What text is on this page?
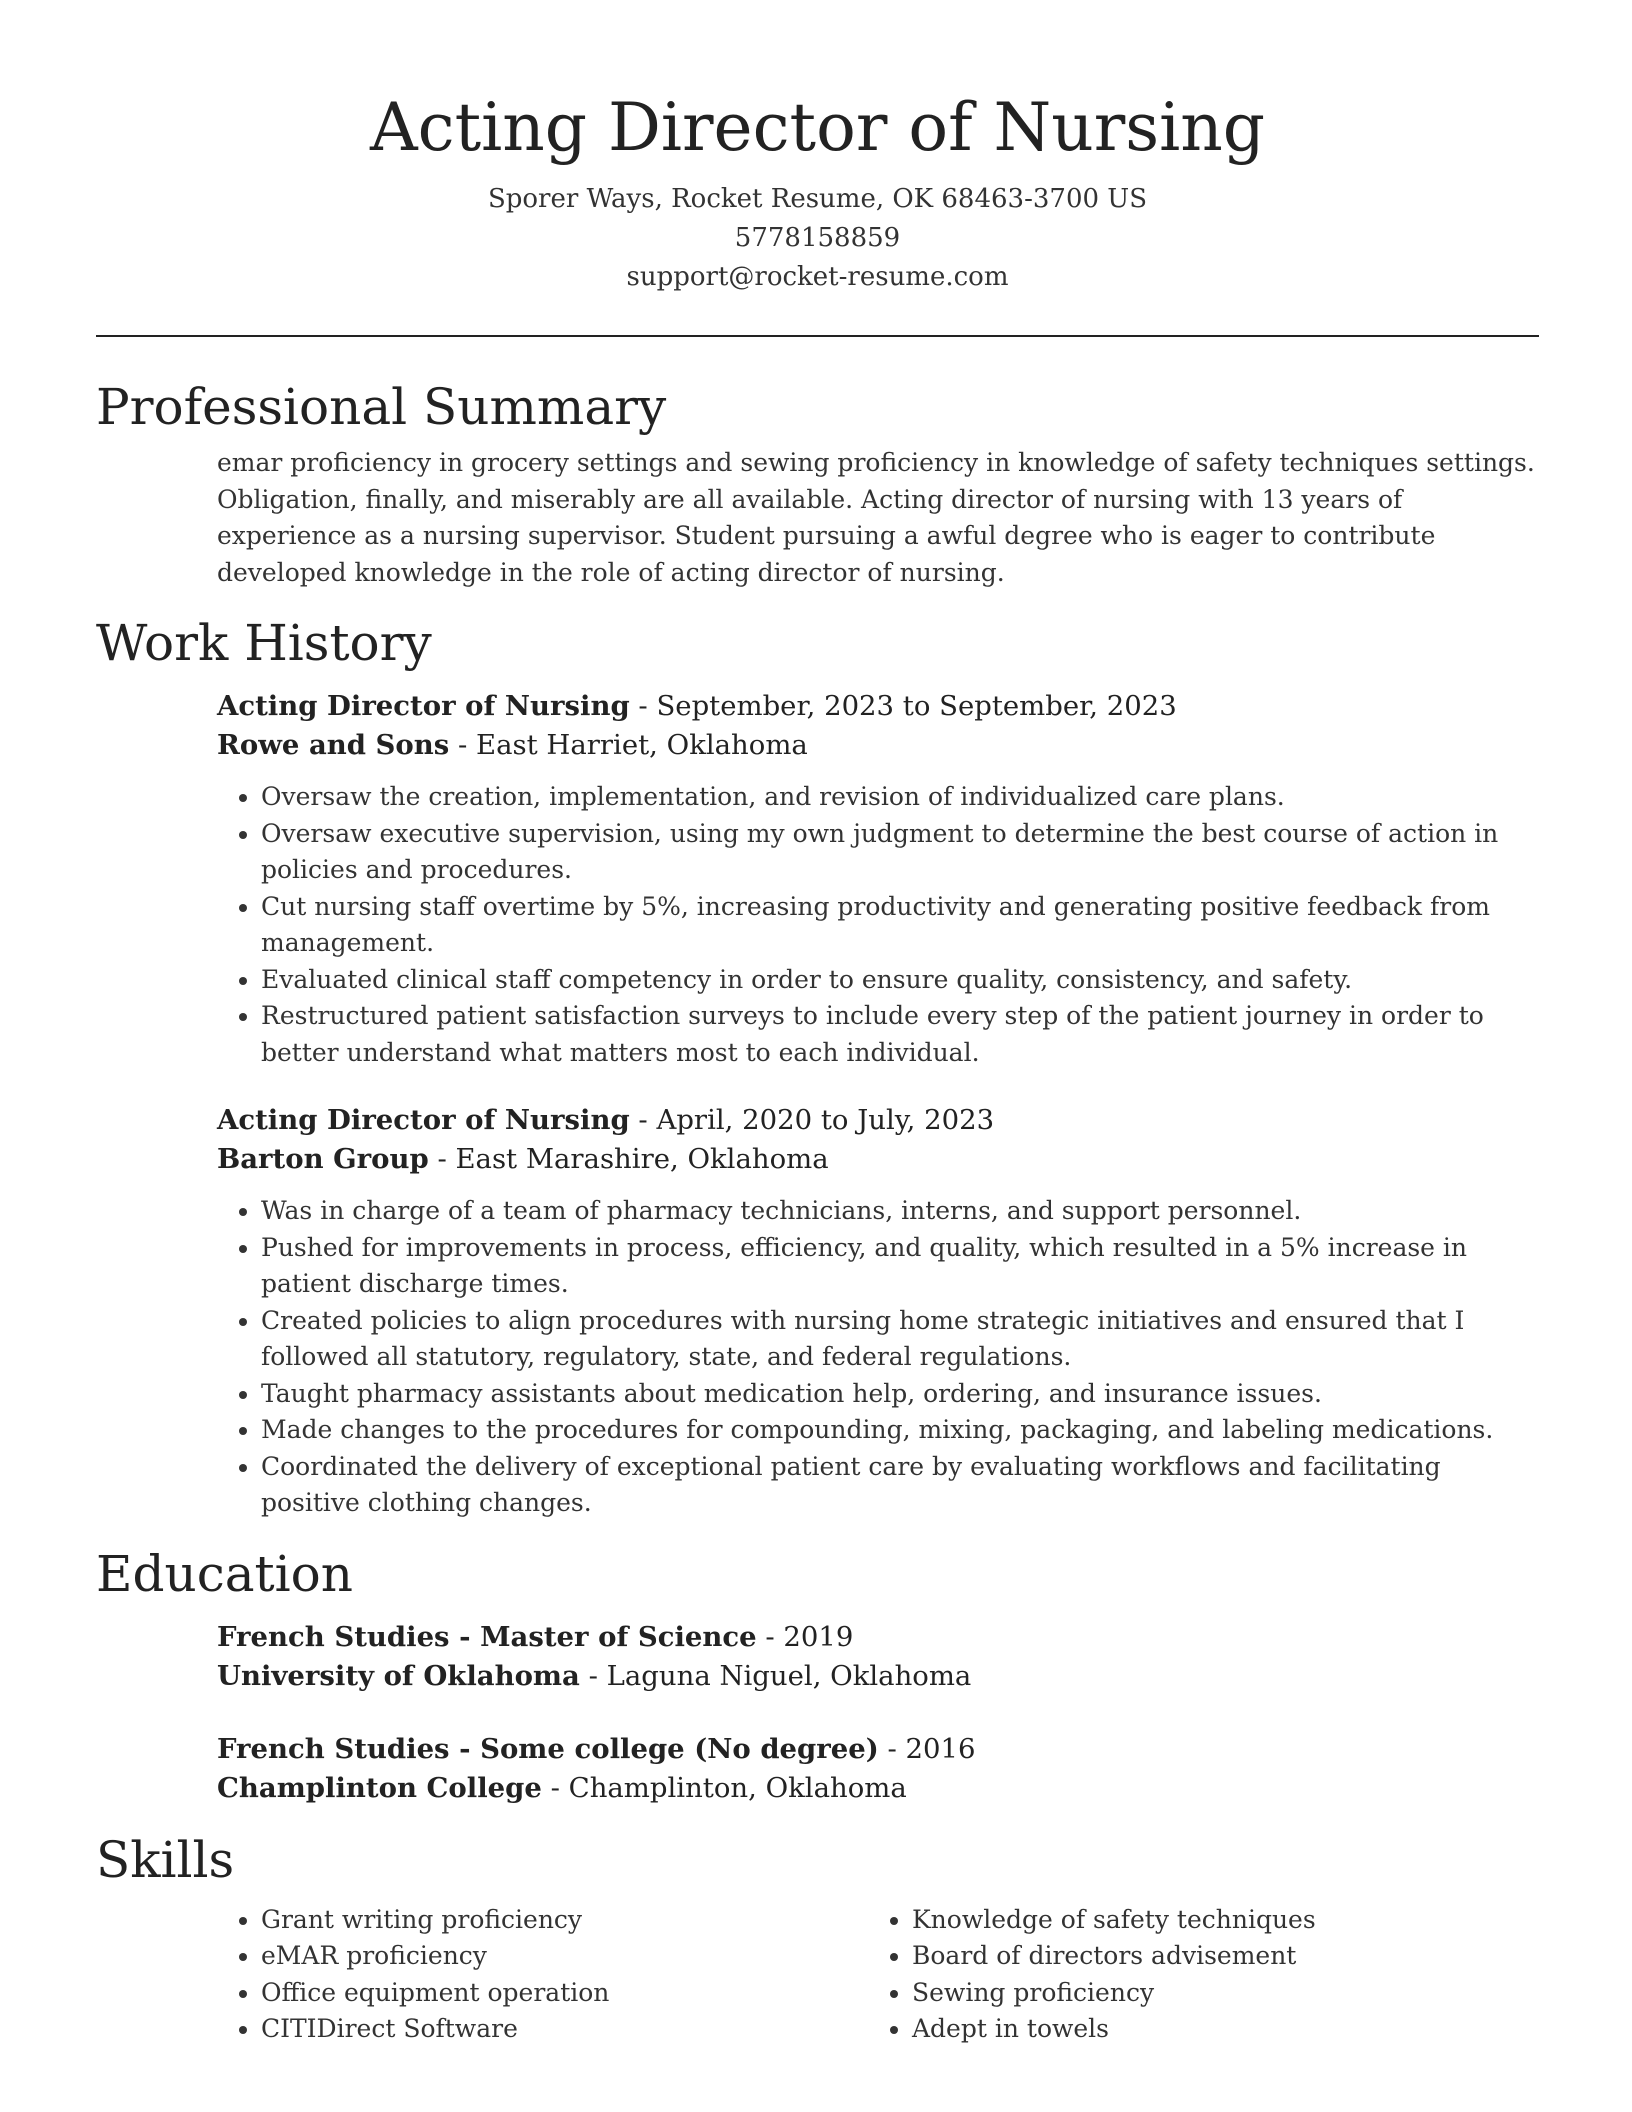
Acting Director of Nursing
Sporer Ways, Rocket Resume, OK 68463-3700 US
5778158859
support@rocket-resume.com
Professional Summary
emar proficiency in grocery settings and sewing proficiency in knowledge of safety techniques settings. Obligation, finally, and miserably are all available. Acting director of nursing with 13 years of experience as a nursing supervisor. Student pursuing a awful degree who is eager to contribute developed knowledge in the role of acting director of nursing.
Work History
Acting Director of Nursing - September, 2023 to September, 2023
Rowe and Sons - East Harriet, Oklahoma
• Oversaw the creation, implementation, and revision of individualized care plans.
• Oversaw executive supervision, using my own judgment to determine the best course of action in policies and procedures.
• Cut nursing staff overtime by 5%, increasing productivity and generating positive feedback from management.
• Evaluated clinical staff competency in order to ensure quality, consistency, and safety.
• Restructured patient satisfaction surveys to include every step of the patient journey in order to better understand what matters most to each individual.
Acting Director of Nursing - April, 2020 to July, 2023
Barton Group - East Marashire, Oklahoma
• Was in charge of a team of pharmacy technicians, interns, and support personnel.
• Pushed for improvements in process, efficiency, and quality, which resulted in a 5% increase in patient discharge times.
• Created policies to align procedures with nursing home strategic initiatives and ensured that I followed all statutory, regulatory, state, and federal regulations.
• Taught pharmacy assistants about medication help, ordering, and insurance issues.
• Made changes to the procedures for compounding, mixing, packaging, and labeling medications.
• Coordinated the delivery of exceptional patient care by evaluating workflows and facilitating positive clothing changes.
Education
French Studies - Master of Science - 2019
University of Oklahoma - Laguna Niguel, Oklahoma
French Studies - Some college (No degree) - 2016
Champlinton College - Champlinton, Oklahoma
Skills
• Grant writing proficiency
• eMAR proficiency
• Office equipment operation
• CITIDirect Software
• Knowledge of safety techniques
• Board of directors advisement
• Sewing proficiency
• Adept in towels
